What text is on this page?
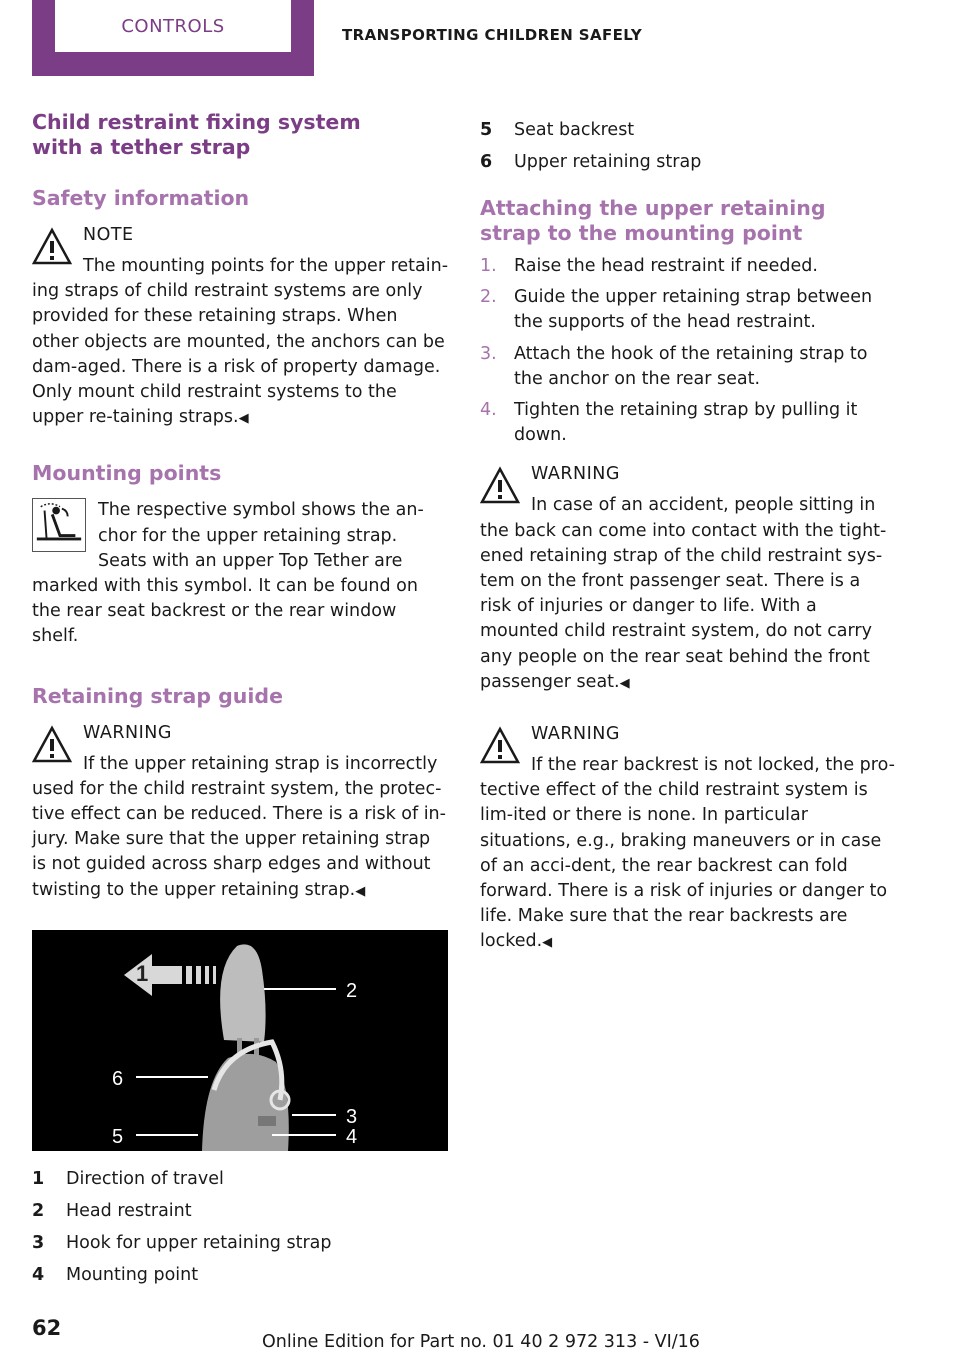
CONTROLS	TRANSPORTING CHILDREN SAFELY

Child restraint fixing system with a tether strap

Safety information

NOTE

The mounting points for the upper retain-ing straps of child restraint systems are only provided for these retaining straps. When other objects are mounted, the anchors can be dam-aged. There is a risk of property damage. Only mount child restraint systems to the upper re-taining straps.◀

Mounting points

The respective symbol shows the an-chor for the upper retaining strap. Seats with an upper Top Tether are marked with this symbol. It can be found on the rear seat backrest or the rear window shelf.

Retaining strap guide

WARNING

If the upper retaining strap is incorrectly used for the child restraint system, the protec-tive effect can be reduced. There is a risk of in-jury. Make sure that the upper retaining strap is not guided across sharp edges and without twisting to the upper retaining strap.◀

1
2
6
3
5	4
1	Direction of travel
2	Head restraint
3	Hook for upper retaining strap
4	Mounting point
5	Seat backrest
6	Upper retaining strap

Attaching the upper retaining strap to the mounting point

1. Raise the head restraint if needed.
2. Guide the upper retaining strap between the supports of the head restraint.
3. Attach the hook of the retaining strap to the anchor on the rear seat.
4. Tighten the retaining strap by pulling it down.
WARNING

In case of an accident, people sitting in the back can come into contact with the tight-ened retaining strap of the child restraint sys-tem on the front passenger seat. There is a risk of injuries or danger to life. With a mounted child restraint system, do not carry any people on the rear seat behind the front passenger seat.◀

WARNING

If the rear backrest is not locked, the pro-tective effect of the child restraint system is lim-ited or there is none. In particular situations, e.g., braking maneuvers or in case of an acci-dent, the rear backrest can fold forward. There is a risk of injuries or danger to life. Make sure that the rear backrests are locked.◀

62
Online Edition for Part no. 01 40 2 972 313 - VI/16
